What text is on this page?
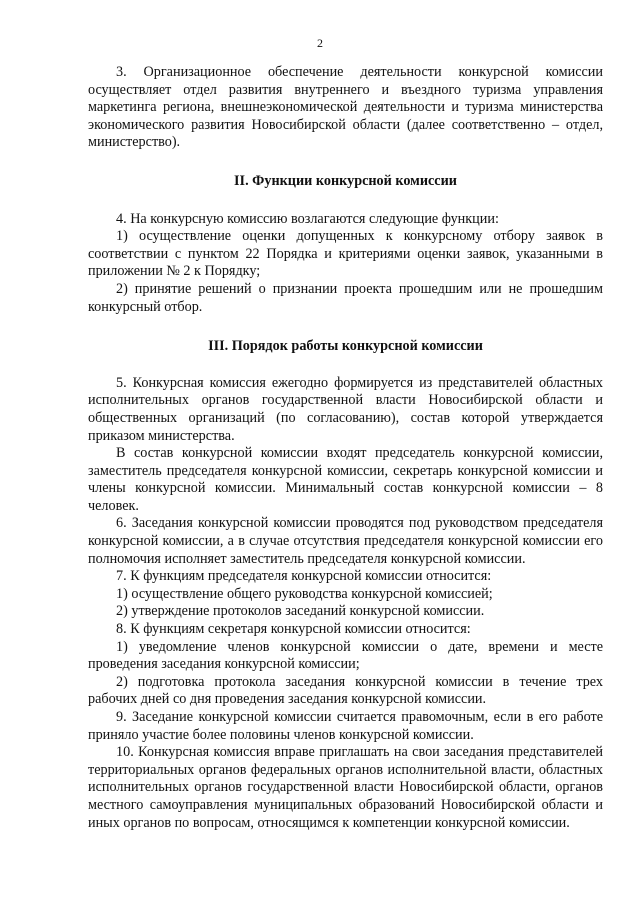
2

3. Организационное обеспечение деятельности конкурсной комиссии осуществляет отдел развития внутреннего и въездного туризма управления маркетинга региона, внешнеэкономической деятельности и туризма министерства экономического развития Новосибирской области (далее соответственно – отдел, министерство).

II. Функции конкурсной комиссии

4. На конкурсную комиссию возлагаются следующие функции:

1) осуществление оценки допущенных к конкурсному отбору заявок в соответствии с пунктом 22 Порядка и критериями оценки заявок, указанными в приложении № 2 к Порядку;

2) принятие решений о признании проекта прошедшим или не прошедшим конкурсный отбор.

III. Порядок работы конкурсной комиссии

5. Конкурсная комиссия ежегодно формируется из представителей областных исполнительных органов государственной власти Новосибирской области и общественных организаций (по согласованию), состав которой утверждается приказом министерства.

В состав конкурсной комиссии входят председатель конкурсной комиссии, заместитель председателя конкурсной комиссии, секретарь конкурсной комиссии и члены конкурсной комиссии. Минимальный состав конкурсной комиссии – 8 человек.

6. Заседания конкурсной комиссии проводятся под руководством председателя конкурсной комиссии, а в случае отсутствия председателя конкурсной комиссии его полномочия исполняет заместитель председателя конкурсной комиссии.

7. К функциям председателя конкурсной комиссии относится:

1) осуществление общего руководства конкурсной комиссией;

2) утверждение протоколов заседаний конкурсной комиссии.

8. К функциям секретаря конкурсной комиссии относится:

1) уведомление членов конкурсной комиссии о дате, времени и месте проведения заседания конкурсной комиссии;

2) подготовка протокола заседания конкурсной комиссии в течение трех рабочих дней со дня проведения заседания конкурсной комиссии.

9. Заседание конкурсной комиссии считается правомочным, если в его работе приняло участие более половины членов конкурсной комиссии.

10. Конкурсная комиссия вправе приглашать на свои заседания представителей территориальных органов федеральных органов исполнительной власти, областных исполнительных органов государственной власти Новосибирской области, органов местного самоуправления муниципальных образований Новосибирской области и иных органов по вопросам, относящимся к компетенции конкурсной комиссии.
